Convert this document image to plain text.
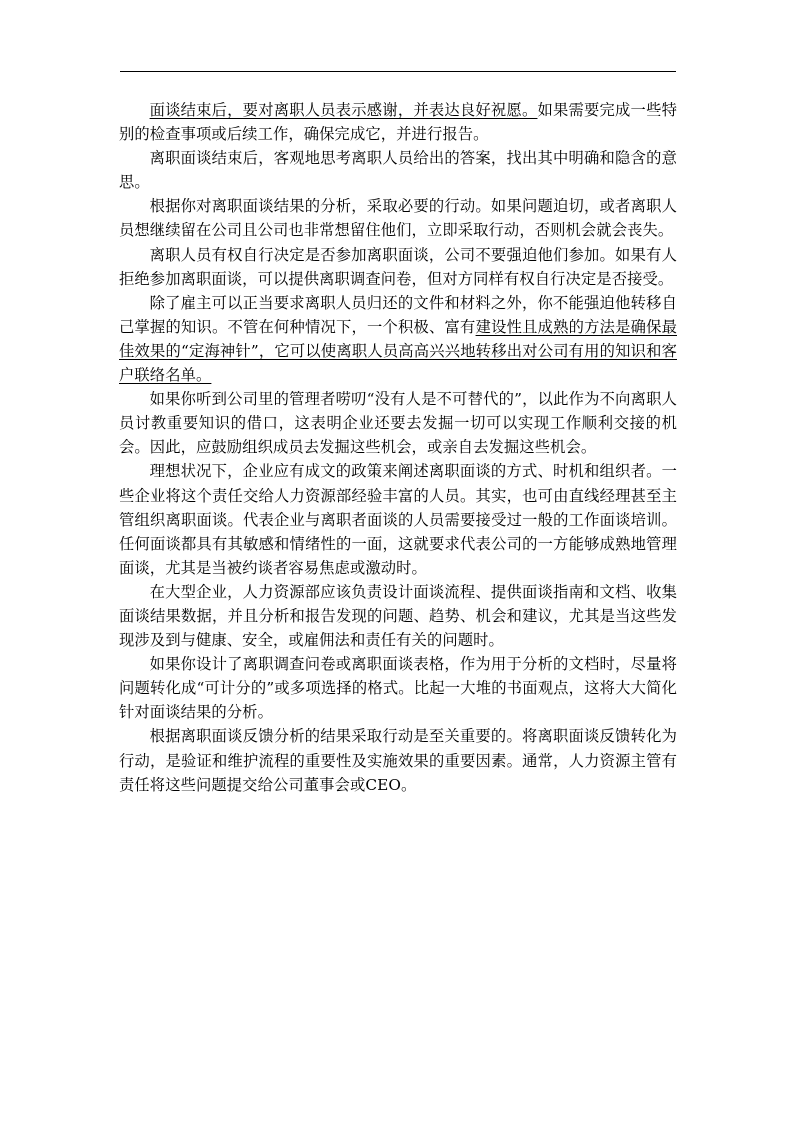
面谈结束后，要对离职人员表示感谢，并表达良好祝愿。如果需要完成一些特别的检查事项或后续工作，确保完成它，并进行报告。

离职面谈结束后，客观地思考离职人员给出的答案，找出其中明确和隐含的意思。

根据你对离职面谈结果的分析，采取必要的行动。如果问题迫切，或者离职人员想继续留在公司且公司也非常想留住他们，立即采取行动，否则机会就会丧失。

离职人员有权自行决定是否参加离职面谈，公司不要强迫他们参加。如果有人拒绝参加离职面谈，可以提供离职调查问卷，但对方同样有权自行决定是否接受。

除了雇主可以正当要求离职人员归还的文件和材料之外，你不能强迫他转移自己掌握的知识。不管在何种情况下，一个积极、富有建设性且成熟的方法是确保最佳效果的“定海神针”，它可以使离职人员高高兴兴地转移出对公司有用的知识和客户联络名单。

如果你听到公司里的管理者唠叨“没有人是不可替代的”，以此作为不向离职人员讨教重要知识的借口，这表明企业还要去发掘一切可以实现工作顺利交接的机会。因此，应鼓励组织成员去发掘这些机会，或亲自去发掘这些机会。

理想状况下，企业应有成文的政策来阐述离职面谈的方式、时机和组织者。一些企业将这个责任交给人力资源部经验丰富的人员。其实，也可由直线经理甚至主管组织离职面谈。代表企业与离职者面谈的人员需要接受过一般的工作面谈培训。任何面谈都具有其敏感和情绪性的一面，这就要求代表公司的一方能够成熟地管理面谈，尤其是当被约谈者容易焦虑或激动时。

在大型企业，人力资源部应该负责设计面谈流程、提供面谈指南和文档、收集面谈结果数据，并且分析和报告发现的问题、趋势、机会和建议，尤其是当这些发现涉及到与健康、安全，或雇佣法和责任有关的问题时。

如果你设计了离职调查问卷或离职面谈表格，作为用于分析的文档时，尽量将问题转化成“可计分的”或多项选择的格式。比起一大堆的书面观点，这将大大简化针对面谈结果的分析。

根据离职面谈反馈分析的结果采取行动是至关重要的。将离职面谈反馈转化为行动，是验证和维护流程的重要性及实施效果的重要因素。通常，人力资源主管有责任将这些问题提交给公司董事会或CEO。
